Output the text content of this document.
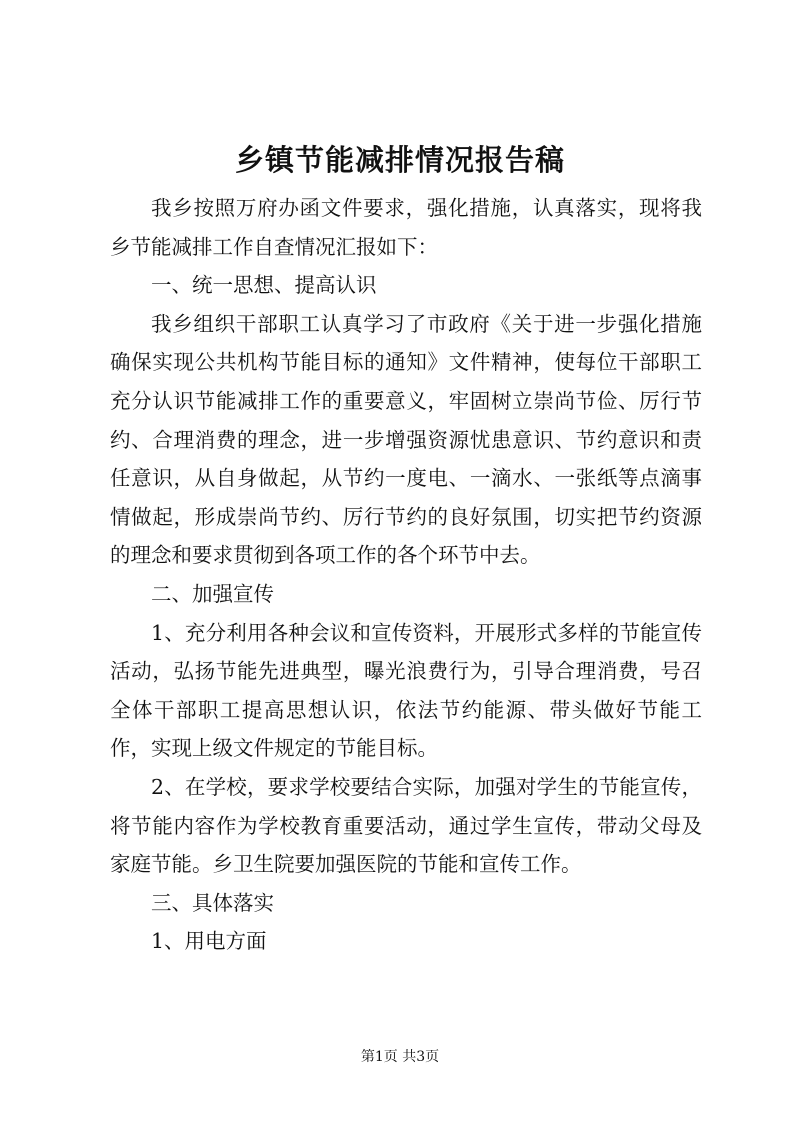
乡镇节能减排情况报告稿

我乡按照万府办函文件要求，强化措施，认真落实，现将我乡节能减排工作自查情况汇报如下：

一、统一思想、提高认识

我乡组织干部职工认真学习了市政府《关于进一步强化措施确保实现公共机构节能目标的通知》文件精神，使每位干部职工充分认识节能减排工作的重要意义，牢固树立崇尚节俭、厉行节约、合理消费的理念，进一步增强资源忧患意识、节约意识和责任意识，从自身做起，从节约一度电、一滴水、一张纸等点滴事情做起，形成崇尚节约、厉行节约的良好氛围，切实把节约资源的理念和要求贯彻到各项工作的各个环节中去。

二、加强宣传

1、充分利用各种会议和宣传资料，开展形式多样的节能宣传活动，弘扬节能先进典型，曝光浪费行为，引导合理消费，号召全体干部职工提高思想认识，依法节约能源、带头做好节能工作，实现上级文件规定的节能目标。

2、在学校，要求学校要结合实际，加强对学生的节能宣传，将节能内容作为学校教育重要活动，通过学生宣传，带动父母及家庭节能。乡卫生院要加强医院的节能和宣传工作。

三、具体落实

1、用电方面

第1页 共3页
